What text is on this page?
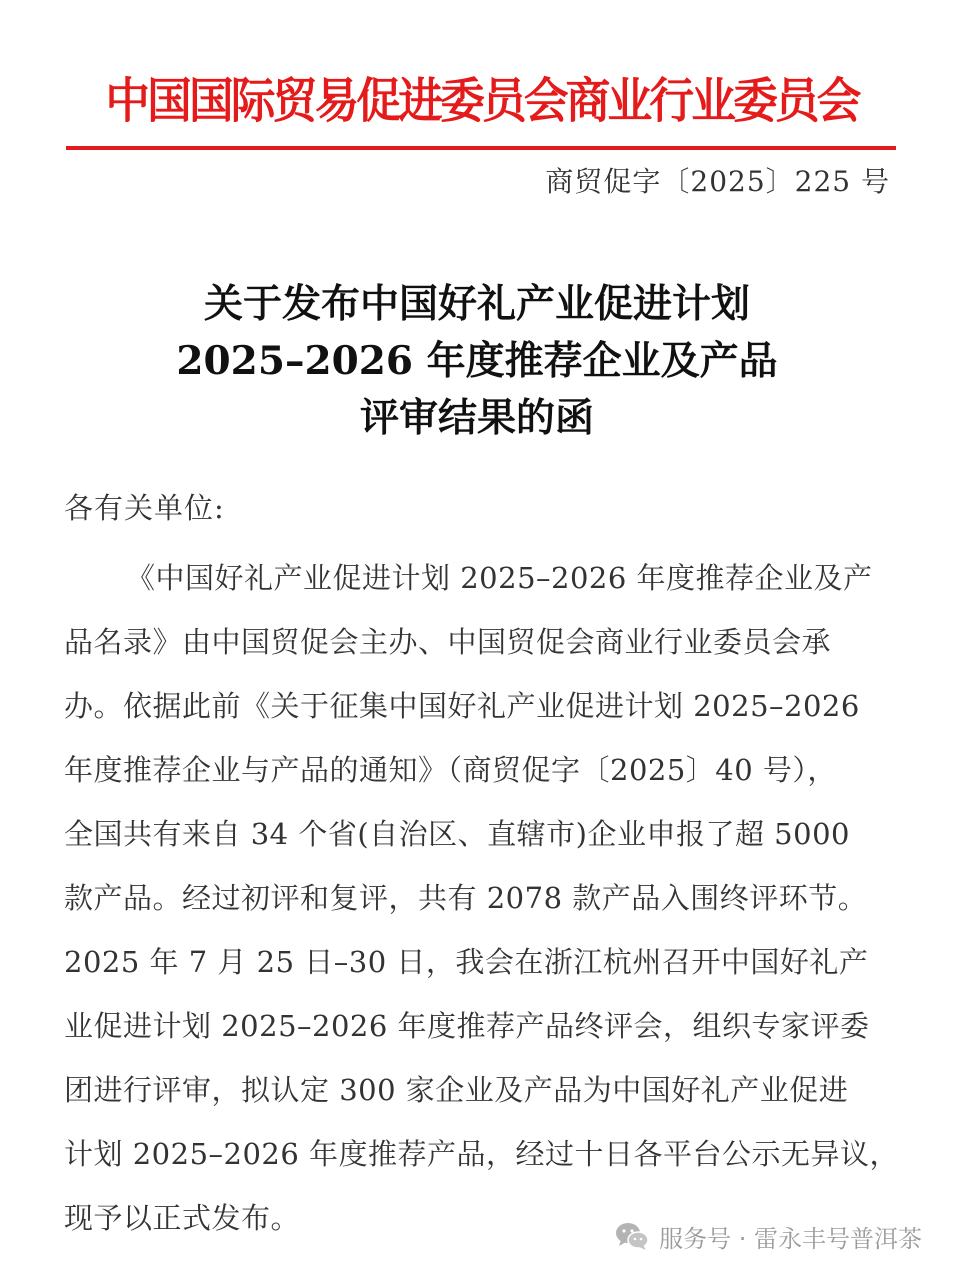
中国国际贸易促进委员会商业行业委员会
商贸促字〔2025〕225 号
关于发布中国好礼产业促进计划
2025–2026 年度推荐企业及产品
评审结果的函
各有关单位:
《中国好礼产业促进计划 2025–2026 年度推荐企业及产
品名录》由中国贸促会主办、中国贸促会商业行业委员会承
办。依据此前《关于征集中国好礼产业促进计划 2025–2026
年度推荐企业与产品的通知》（商贸促字〔2025〕40 号），
全国共有来自 34 个省(自治区、直辖市)企业申报了超 5000
款产品。经过初评和复评，共有 2078 款产品入围终评环节。
2025 年 7 月 25 日–30 日，我会在浙江杭州召开中国好礼产
业促进计划 2025–2026 年度推荐产品终评会，组织专家评委
团进行评审，拟认定 300 家企业及产品为中国好礼产业促进
计划 2025–2026 年度推荐产品，经过十日各平台公示无异议，
现予以正式发布。
服务号 · 雷永丰号普洱茶
